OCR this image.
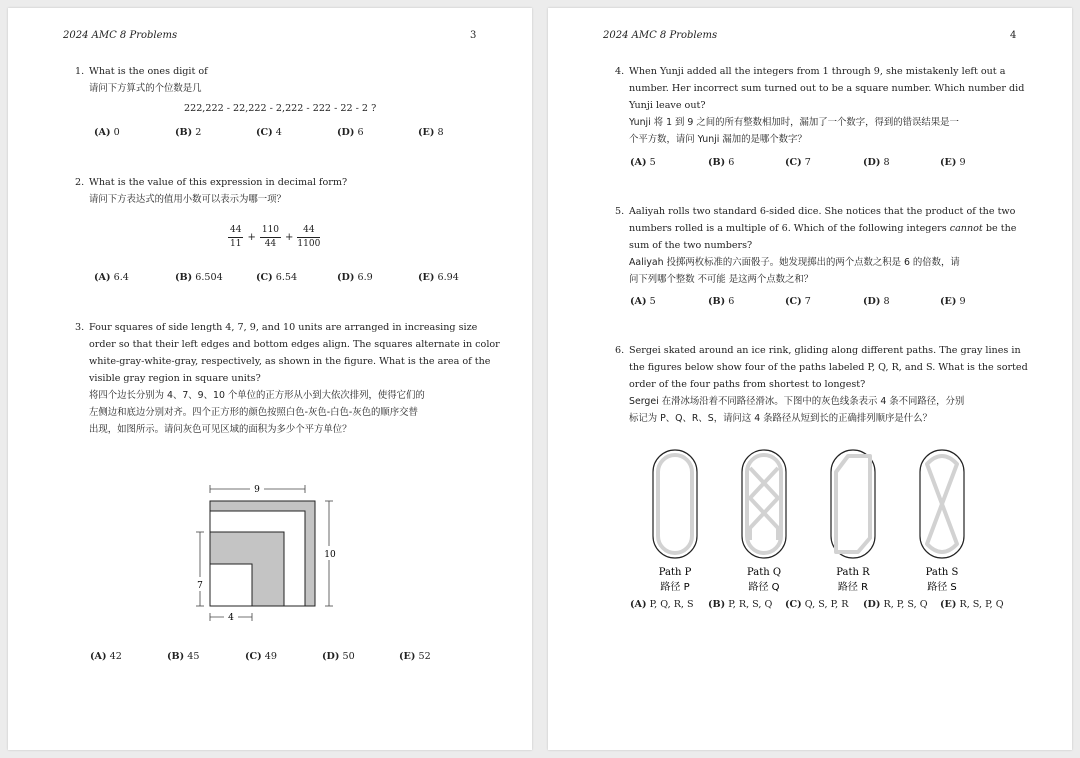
2024 AMC 8 Problems	3
1. What is the ones digit of

请问下方算式的个位数是几

222,222 - 22,222 - 2,222 - 222 - 22 - 2 ?
(A) 0	(B) 2	(C) 4	(D) 6	(E) 8
2. What is the value of this expression in decimal form?

请问下方表达式的值用小数可以表示为哪一项？

$\frac{44}{11} + \frac{110}{44} + \frac{44}{1100}$
(A) 6.4	(B) 6.504	(C) 6.54	(D) 6.9	(E) 6.94
3. Four squares of side length 4, 7, 9, and 10 units are arranged in increasing size

order so that their left edges and bottom edges align. The squares alternate in color

white-gray-white-gray, respectively, as shown in the figure. What is the area of the

visible gray region in square units?

将四个边长分别为 4、7、9、10 个单位的正方形从小到大依次排列，使得它们的

左侧边和底边分别对齐。四个正方形的颜色按照白色-灰色-白色-灰色的顺序交替

出现，如图所示。请问灰色可见区域的面积为多少个平方单位？

9
10
7
4
(A) 42	(B) 45	(C) 49	(D) 50	(E) 52
2024 AMC 8 Problems	4
4. When Yunji added all the integers from 1 through 9, she mistakenly left out a

number. Her incorrect sum turned out to be a square number. Which number did

Yunji leave out?

Yunji 将 1 到 9 之间的所有整数相加时，漏加了一个数字，得到的错误结果是一

个平方数，请问 Yunji 漏加的是哪个数字？

(A) 5	(B) 6	(C) 7	(D) 8	(E) 9
5. Aaliyah rolls two standard 6-sided dice. She notices that the product of the two

numbers rolled is a multiple of 6. Which of the following integers cannot be the

sum of the two numbers?

Aaliyah 投掷两枚标准的六面骰子。她发现掷出的两个点数之积是 6 的倍数，请

问下列哪个整数 不可能 是这两个点数之和？

(A) 5	(B) 6	(C) 7	(D) 8	(E) 9
6. Sergei skated around an ice rink, gliding along different paths. The gray lines in

the figures below show four of the paths labeled P, Q, R, and S. What is the sorted

order of the four paths from shortest to longest?

Sergei 在滑冰场沿着不同路径滑冰。下图中的灰色线条表示 4 条不同路径，分别

标记为 P、Q、R、S，请问这 4 条路径从短到长的正确排列顺序是什么？

Path P
路径 P
Path Q
路径 Q
Path R
路径 R
Path S
路径 S
(A) P, Q, R, S (B) P, R, S, Q (C) Q, S, P, R (D) R, P, S, Q (E) R, S, P, Q
